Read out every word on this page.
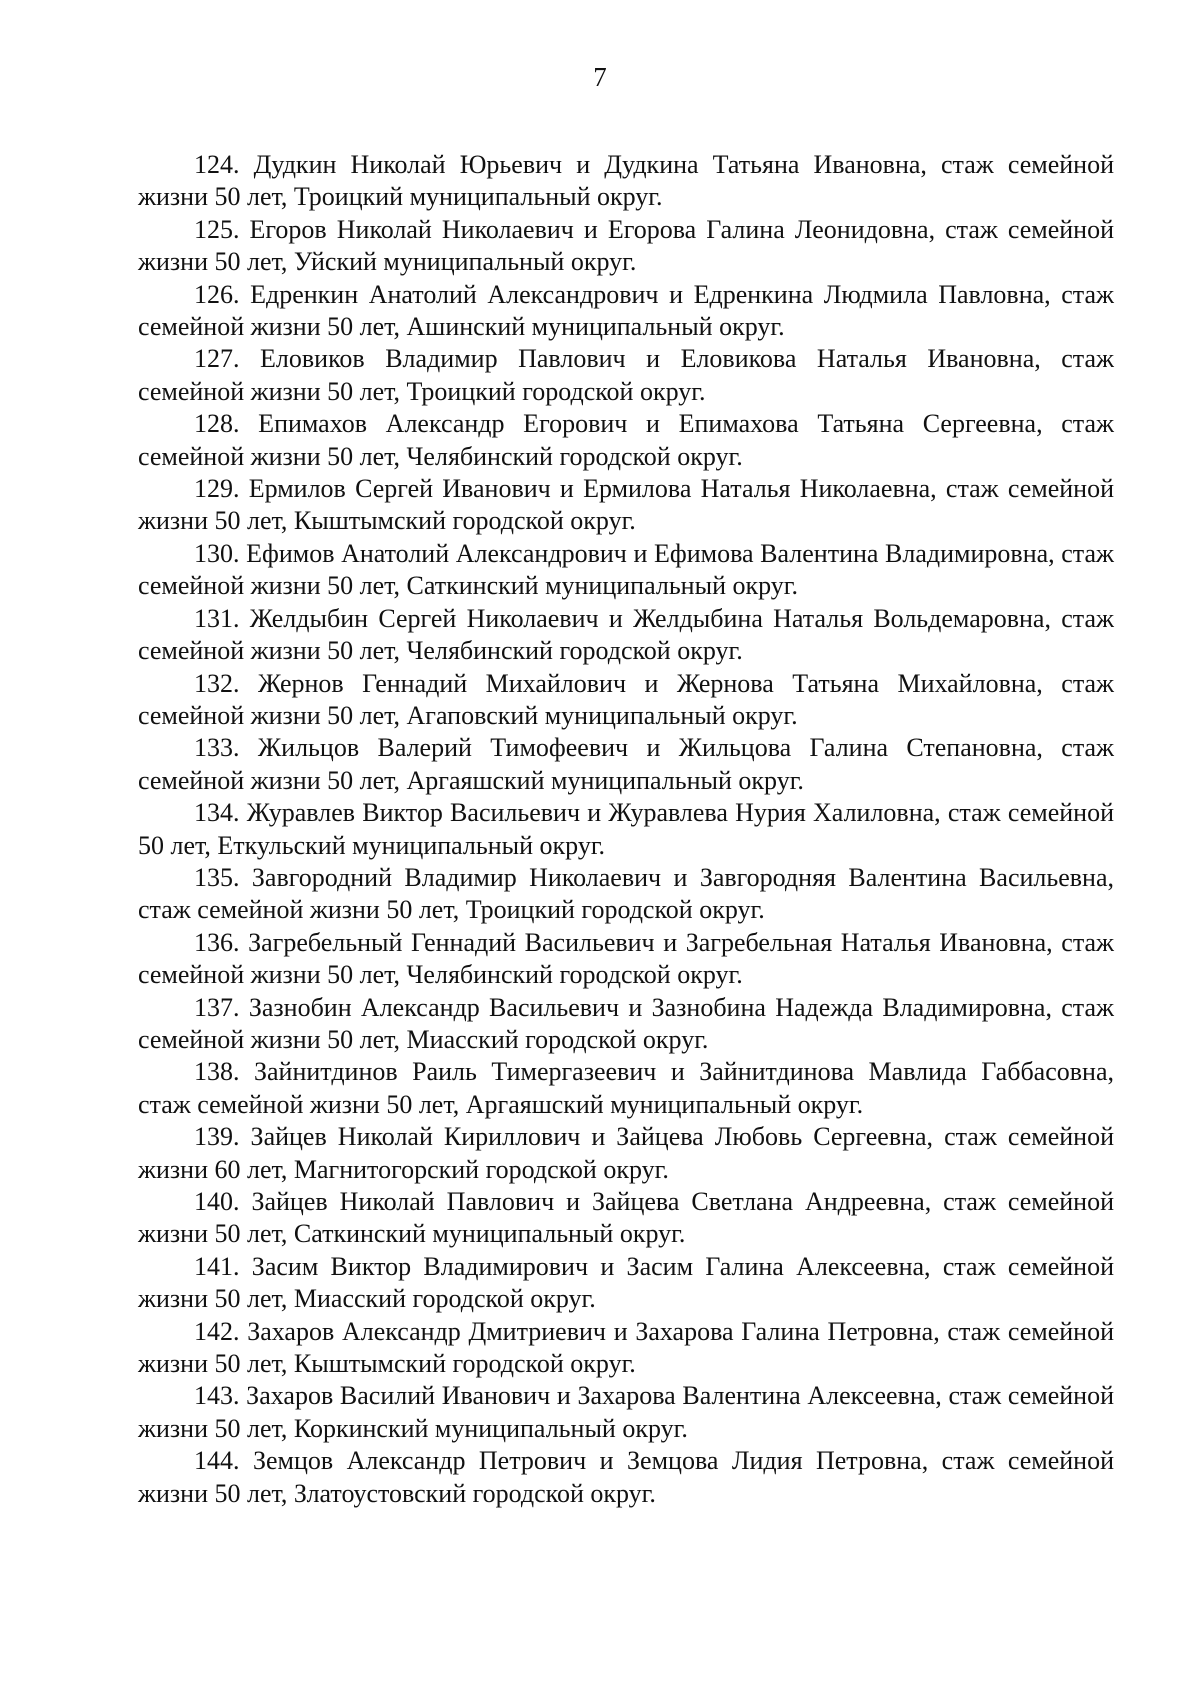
7

124. Дудкин Николай Юрьевич и Дудкина Татьяна Ивановна, стаж семейной жизни 50 лет, Троицкий муниципальный округ.

125. Егоров Николай Николаевич и Егорова Галина Леонидовна, стаж семейной жизни 50 лет, Уйский муниципальный округ.

126. Едренкин Анатолий Александрович и Едренкина Людмила Павловна, стаж семейной жизни 50 лет, Ашинский муниципальный округ.

127. Еловиков Владимир Павлович и Еловикова Наталья Ивановна, стаж семейной жизни 50 лет, Троицкий городской округ.

128. Епимахов Александр Егорович и Епимахова Татьяна Сергеевна, стаж семейной жизни 50 лет, Челябинский городской округ.

129. Ермилов Сергей Иванович и Ермилова Наталья Николаевна, стаж семейной жизни 50 лет, Кыштымский городской округ.

130. Ефимов Анатолий Александрович и Ефимова Валентина Владимировна, стаж семейной жизни 50 лет, Саткинский муниципальный округ.

131. Желдыбин Сергей Николаевич и Желдыбина Наталья Вольдемаровна, стаж семейной жизни 50 лет, Челябинский городской округ.

132. Жернов Геннадий Михайлович и Жернова Татьяна Михайловна, стаж семейной жизни 50 лет, Агаповский муниципальный округ.

133. Жильцов Валерий Тимофеевич и Жильцова Галина Степановна, стаж семейной жизни 50 лет, Аргаяшский муниципальный округ.

134. Журавлев Виктор Васильевич и Журавлева Нурия Халиловна, стаж семейной 50 лет, Еткульский муниципальный округ.

135. Завгородний Владимир Николаевич и Завгородняя Валентина Васильевна, стаж семейной жизни 50 лет, Троицкий городской округ.

136. Загребельный Геннадий Васильевич и Загребельная Наталья Ивановна, стаж семейной жизни 50 лет, Челябинский городской округ.

137. Зазнобин Александр Васильевич и Зазнобина Надежда Владимировна, стаж семейной жизни 50 лет, Миасский городской округ.

138. Зайнитдинов Раиль Тимергазеевич и Зайнитдинова Мавлида Габбасовна, стаж семейной жизни 50 лет, Аргаяшский муниципальный округ.

139. Зайцев Николай Кириллович и Зайцева Любовь Сергеевна, стаж семейной жизни 60 лет, Магнитогорский городской округ.

140. Зайцев Николай Павлович и Зайцева Светлана Андреевна, стаж семейной жизни 50 лет, Саткинский муниципальный округ.

141. Засим Виктор Владимирович и Засим Галина Алексеевна, стаж семейной жизни 50 лет, Миасский городской округ.

142. Захаров Александр Дмитриевич и Захарова Галина Петровна, стаж семейной жизни 50 лет, Кыштымский городской округ.

143. Захаров Василий Иванович и Захарова Валентина Алексеевна, стаж семейной жизни 50 лет, Коркинский муниципальный округ.

144. Земцов Александр Петрович и Земцова Лидия Петровна, стаж семейной жизни 50 лет, Златоустовский городской округ.
